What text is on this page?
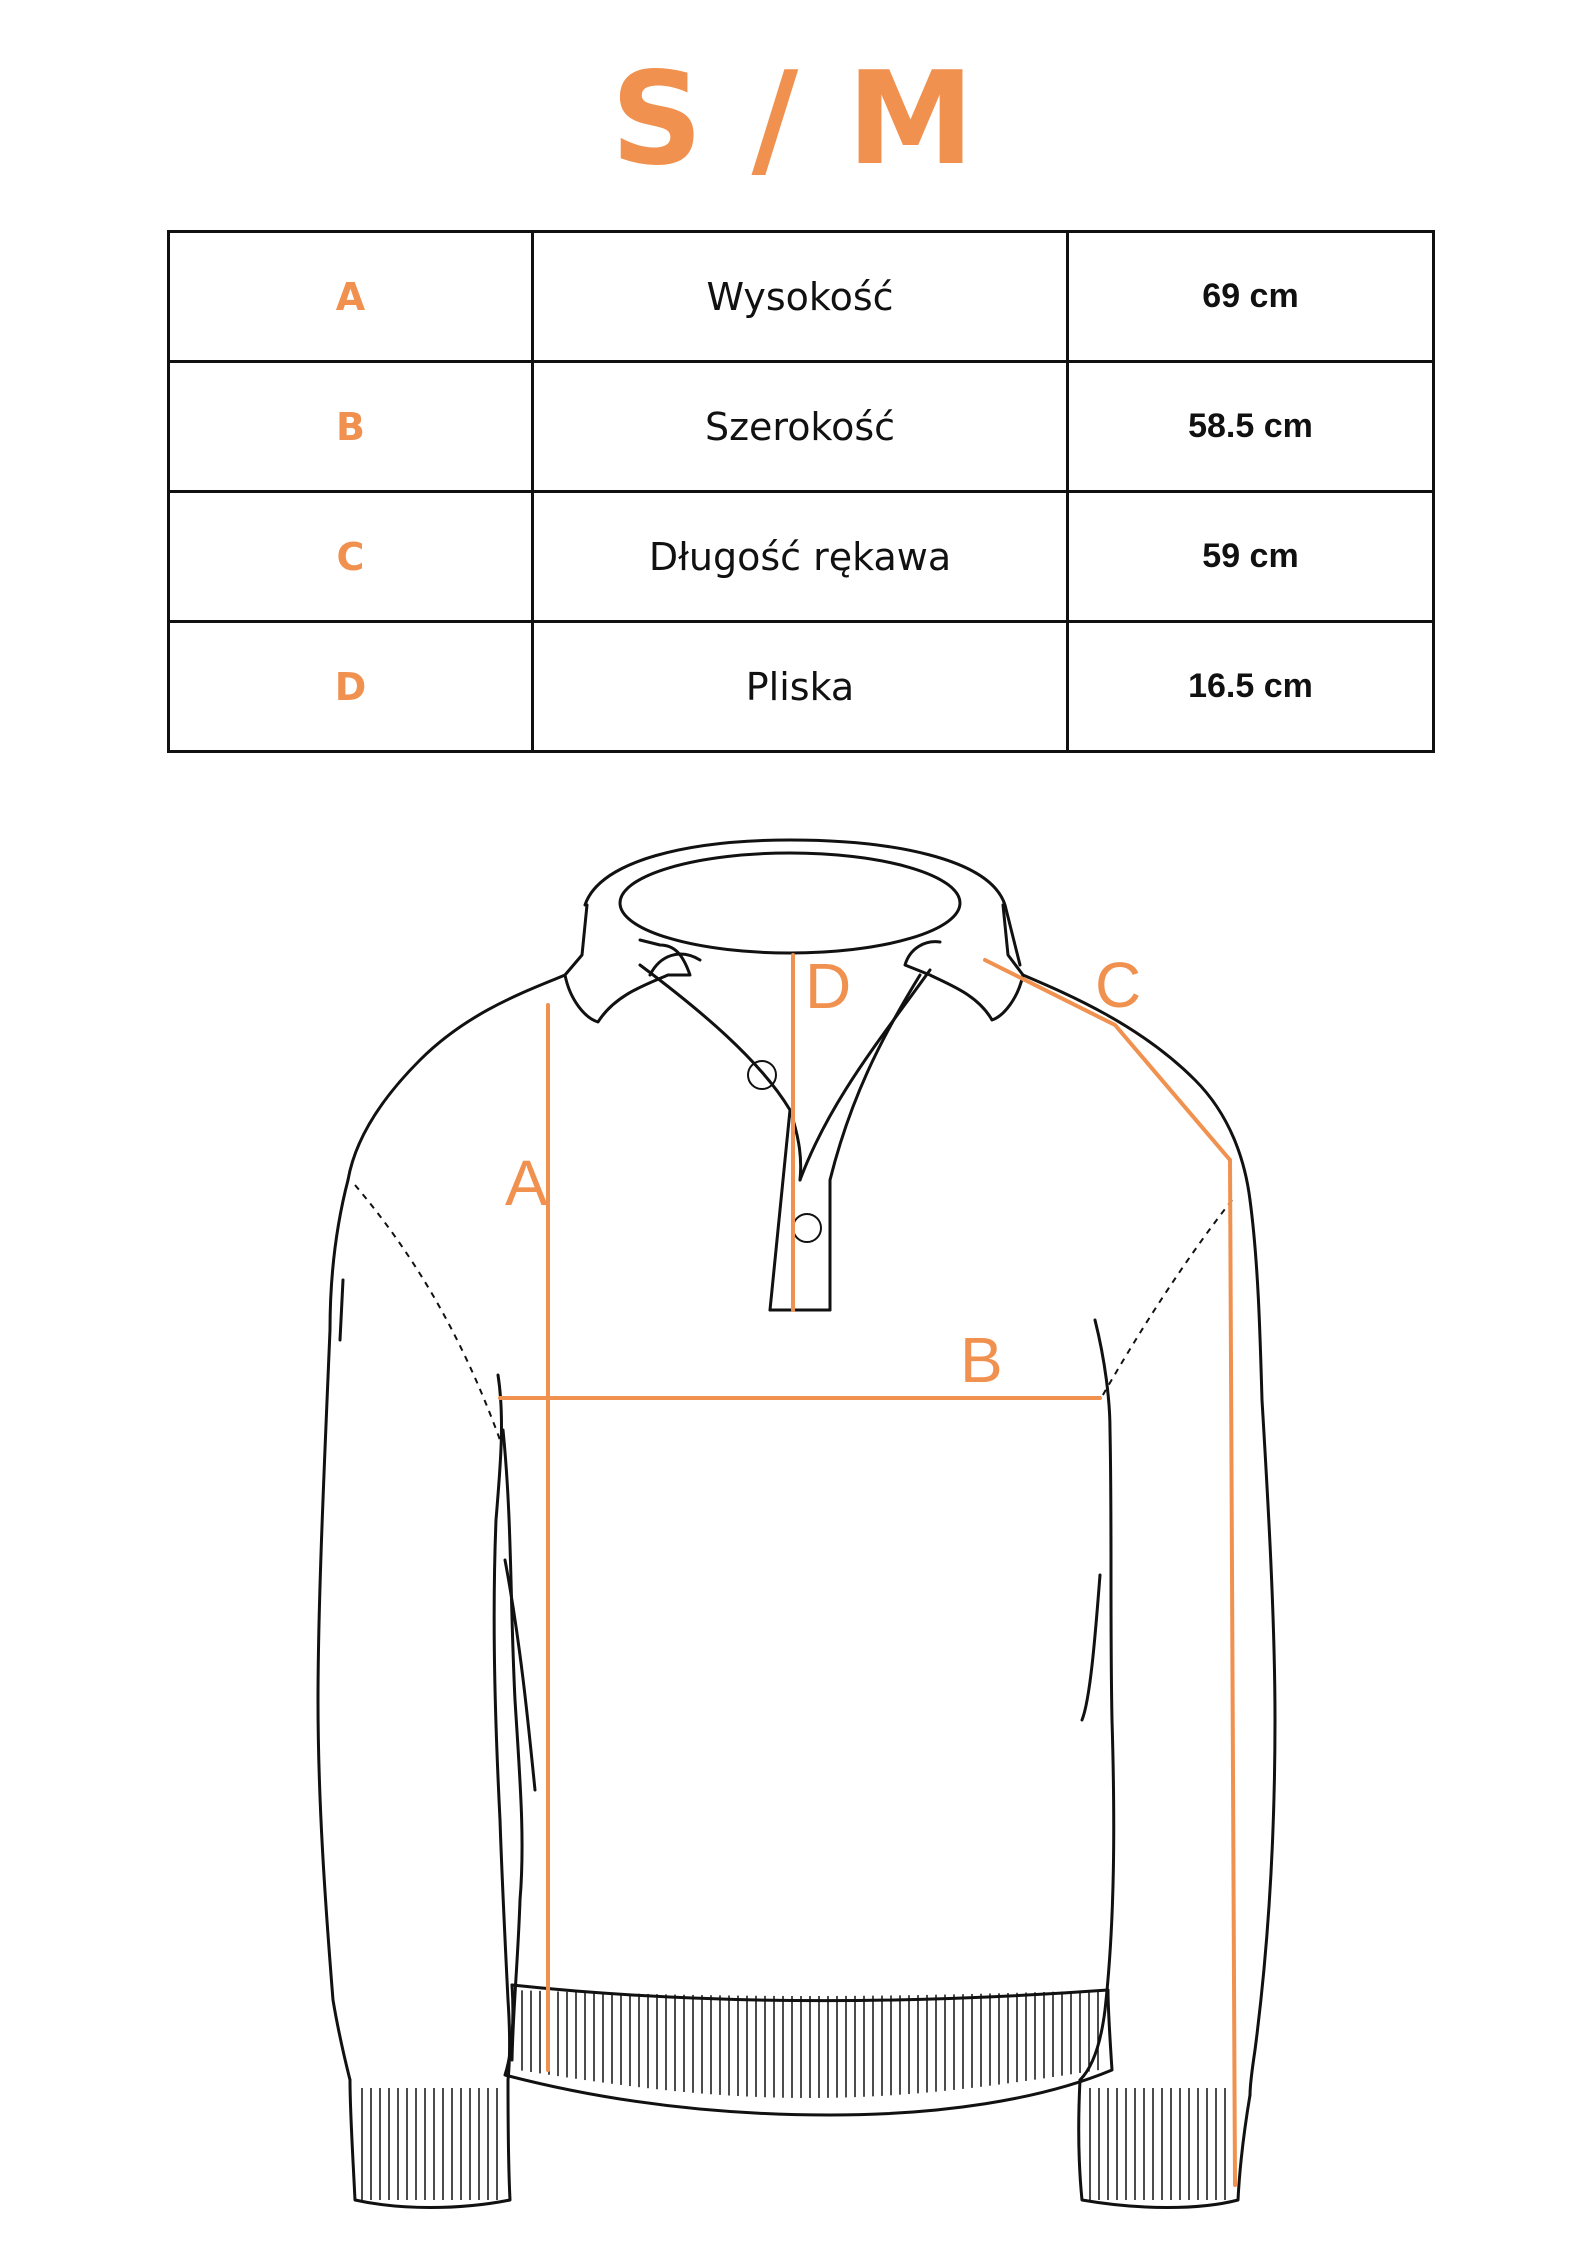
S / M
A	Wysokość	69 cm
B	Szerokość	58.5 cm
C	Długość rękawa	59 cm
D	Pliska	16.5 cm
A
B
C
D
